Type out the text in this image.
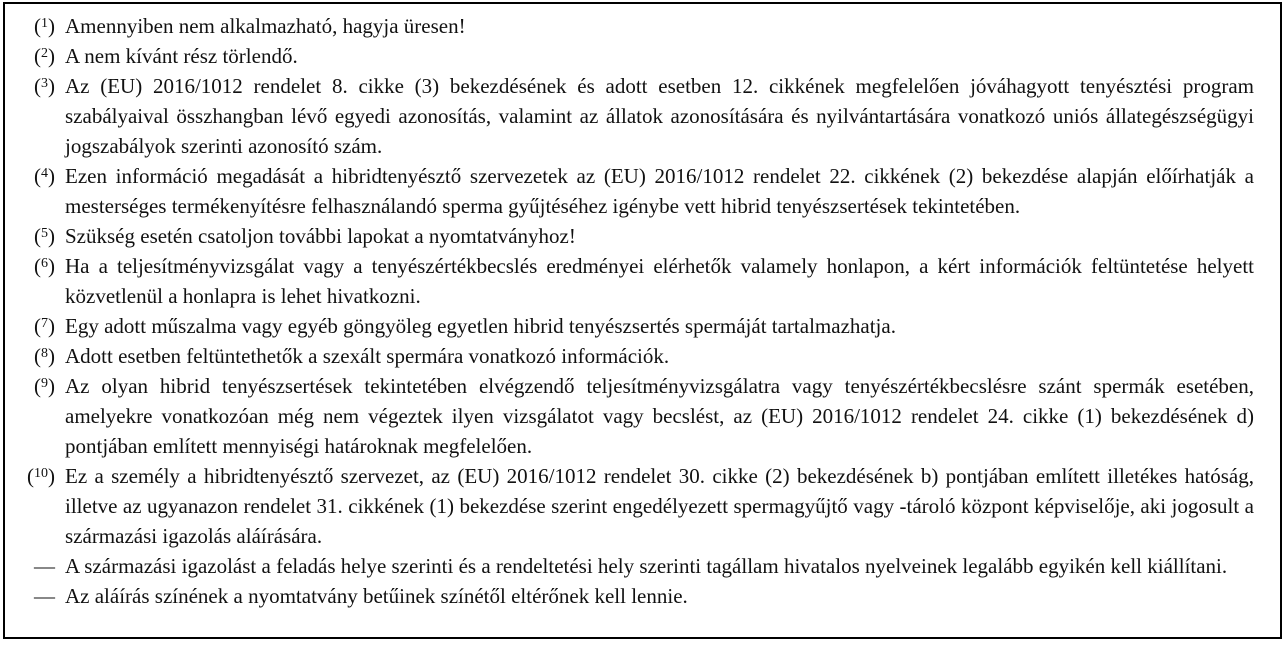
($^1$) Amennyiben nem alkalmazható, hagyja üresen!
($^2$) A nem kívánt rész törlendő.
($^3$) Az (EU) 2016/1012 rendelet 8. cikke (3) bekezdésének és adott esetben 12. cikkének megfelelően jóváhagyott tenyésztési program szabályaival összhangban lévő egyedi azonosítás, valamint az állatok azonosítására és nyilvántartására vonatkozó uniós állategészségügyi jogszabályok szerinti azonosító szám.
($^4$) Ezen információ megadását a hibridtenyésztő szervezetek az (EU) 2016/1012 rendelet 22. cikkének (2) bekezdése alapján előírhatják a mesterséges termékenyítésre felhasználandó sperma gyűjtéséhez igénybe vett hibrid tenyészsertések tekintetében.
($^5$) Szükség esetén csatoljon további lapokat a nyomtatványhoz!
($^6$) Ha a teljesítményvizsgálat vagy a tenyészértékbecslés eredményei elérhetők valamely honlapon, a kért információk feltüntetése helyett közvetlenül a honlapra is lehet hivatkozni.
($^7$) Egy adott műszalma vagy egyéb göngyöleg egyetlen hibrid tenyészsertés spermáját tartalmazhatja.
($^8$) Adott esetben feltüntethetők a szexált spermára vonatkozó információk.
($^9$) Az olyan hibrid tenyészsertések tekintetében elvégzendő teljesítményvizsgálatra vagy tenyészértékbecslésre szánt spermák esetében, amelyekre vonatkozóan még nem végeztek ilyen vizsgálatot vagy becslést, az (EU) 2016/1012 rendelet 24. cikke (1) bekezdésének d) pontjában említett mennyiségi határoknak megfelelően.
($^{10}$) Ez a személy a hibridtenyésztő szervezet, az (EU) 2016/1012 rendelet 30. cikke (2) bekezdésének b) pontjában említett illetékes hatóság, illetve az ugyanazon rendelet 31. cikkének (1) bekezdése szerint engedélyezett spermagyűjtő vagy -tároló központ képviselője, aki jogosult a származási igazolás aláírására.
— A származási igazolást a feladás helye szerinti és a rendeltetési hely szerinti tagállam hivatalos nyelveinek legalább egyikén kell kiállítani.
— Az aláírás színének a nyomtatvány betűinek színétől eltérőnek kell lennie.
